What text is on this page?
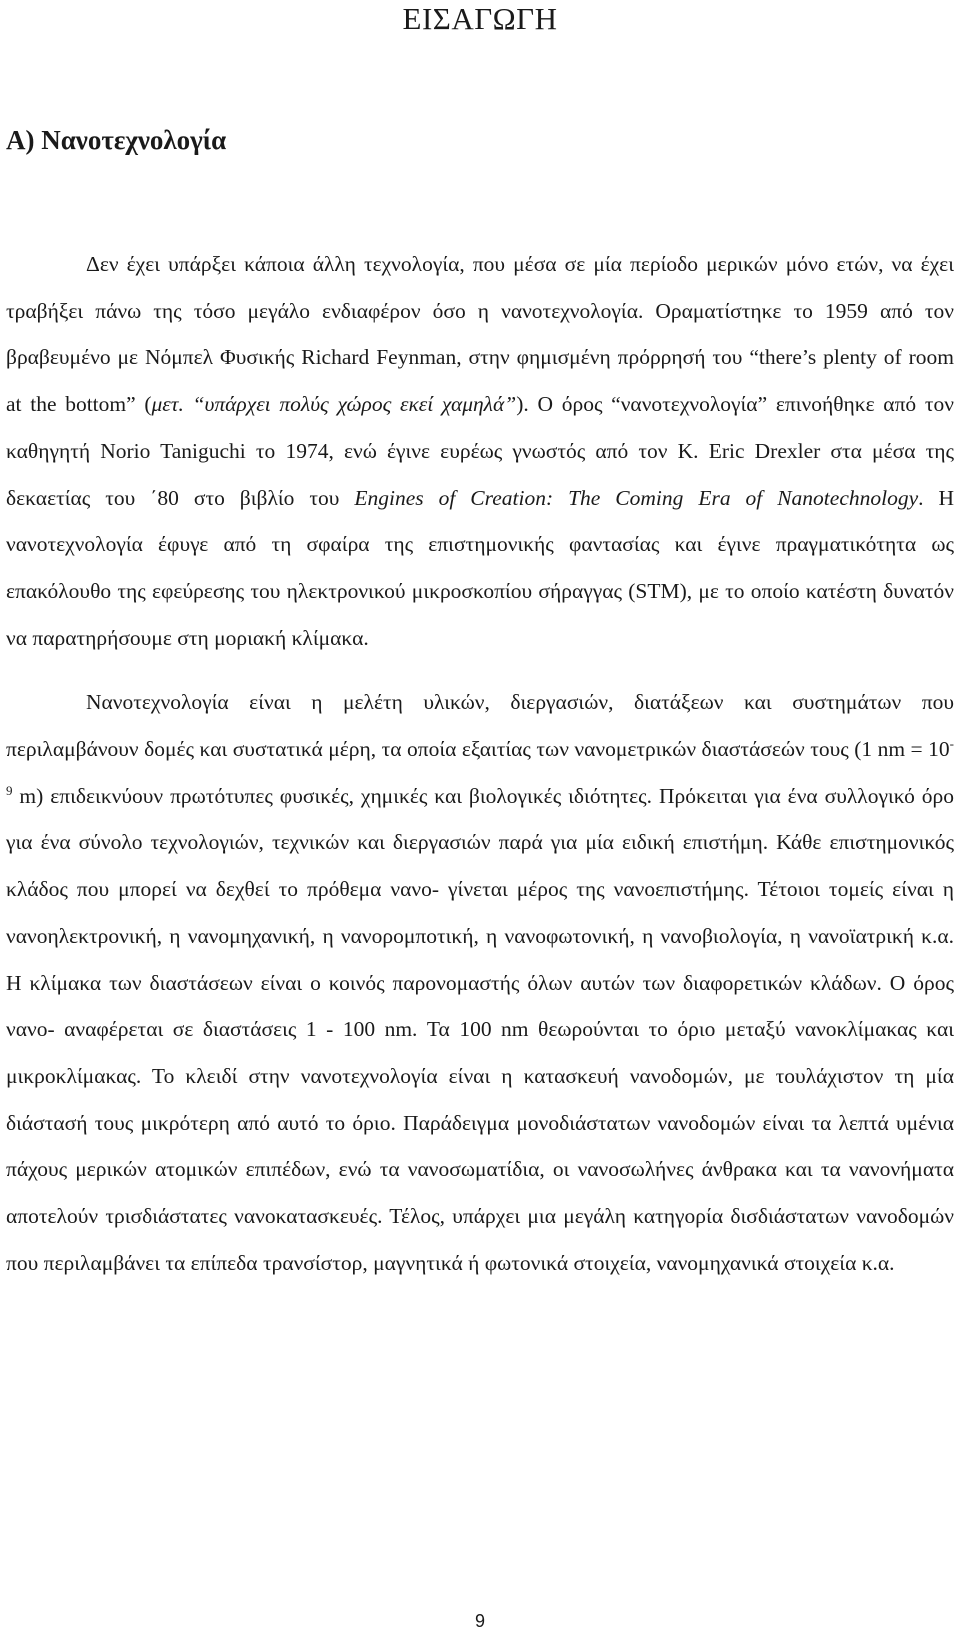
ΕΙΣΑΓΩΓΗ
Α) Νανοτεχνολογία

Δεν έχει υπάρξει κάποια άλλη τεχνολογία, που μέσα σε μία περίοδο μερικών μόνο ετών, να έχει τραβήξει πάνω της τόσο μεγάλο ενδιαφέρον όσο η νανοτεχνολογία. Οραματίστηκε το 1959 από τον βραβευμένο με Νόμπελ Φυσικής Richard Feynman, στην φημισμένη πρόρρησή του “there’s plenty of room at the bottom” (μετ. “υπάρχει πολύς χώρος εκεί χαμηλά”). Ο όρος “νανοτεχνολογία” επινοήθηκε από τον καθηγητή Norio Taniguchi το 1974, ενώ έγινε ευρέως γνωστός από τον K. Eric Drexler στα μέσα της δεκαετίας του ΄80 στο βιβλίο του Engines of Creation: The Coming Era of Nanotechnology. Η νανοτεχνολογία έφυγε από τη σφαίρα της επιστημονικής φαντασίας και έγινε πραγματικότητα ως επακόλουθο της εφεύρεσης του ηλεκτρονικού μικροσκοπίου σήραγγας (STM), με το οποίο κατέστη δυνατόν να παρατηρήσουμε στη μοριακή κλίμακα.

Νανοτεχνολογία είναι η μελέτη υλικών, διεργασιών, διατάξεων και συστημάτων που περιλαμβάνουν δομές και συστατικά μέρη, τα οποία εξαιτίας των νανομετρικών διαστάσεών τους (1 nm = $10^{-9}$ m) επιδεικνύουν πρωτότυπες φυσικές, χημικές και βιολογικές ιδιότητες. Πρόκειται για ένα συλλογικό όρο για ένα σύνολο τεχνολογιών, τεχνικών και διεργασιών παρά για μία ειδική επιστήμη. Κάθε επιστημονικός κλάδος που μπορεί να δεχθεί το πρόθεμα νανο- γίνεται μέρος της νανοεπιστήμης. Τέτοιοι τομείς είναι η νανοηλεκτρονική, η νανομηχανική, η νανορομποτική, η νανοφωτονική, η νανοβιολογία, η νανοϊατρική κ.α. Η κλίμακα των διαστάσεων είναι ο κοινός παρονομαστής όλων αυτών των διαφορετικών κλάδων. Ο όρος νανο- αναφέρεται σε διαστάσεις 1 - 100 nm. Τα 100 nm θεωρούνται το όριο μεταξύ νανοκλίμακας και μικροκλίμακας. Το κλειδί στην νανοτεχνολογία είναι η κατασκευή νανοδομών, με τουλάχιστον τη μία διάστασή τους μικρότερη από αυτό το όριο. Παράδειγμα μονοδιάστατων νανοδομών είναι τα λεπτά υμένια πάχους μερικών ατομικών επιπέδων, ενώ τα νανοσωματίδια, οι νανοσωλήνες άνθρακα και τα νανονήματα αποτελούν τρισδιάστατες νανοκατασκευές. Τέλος, υπάρχει μια μεγάλη κατηγορία δισδιάστατων νανοδομών που περιλαμβάνει τα επίπεδα τρανσίστορ, μαγνητικά ή φωτονικά στοιχεία, νανομηχανικά στοιχεία κ.α.

9
